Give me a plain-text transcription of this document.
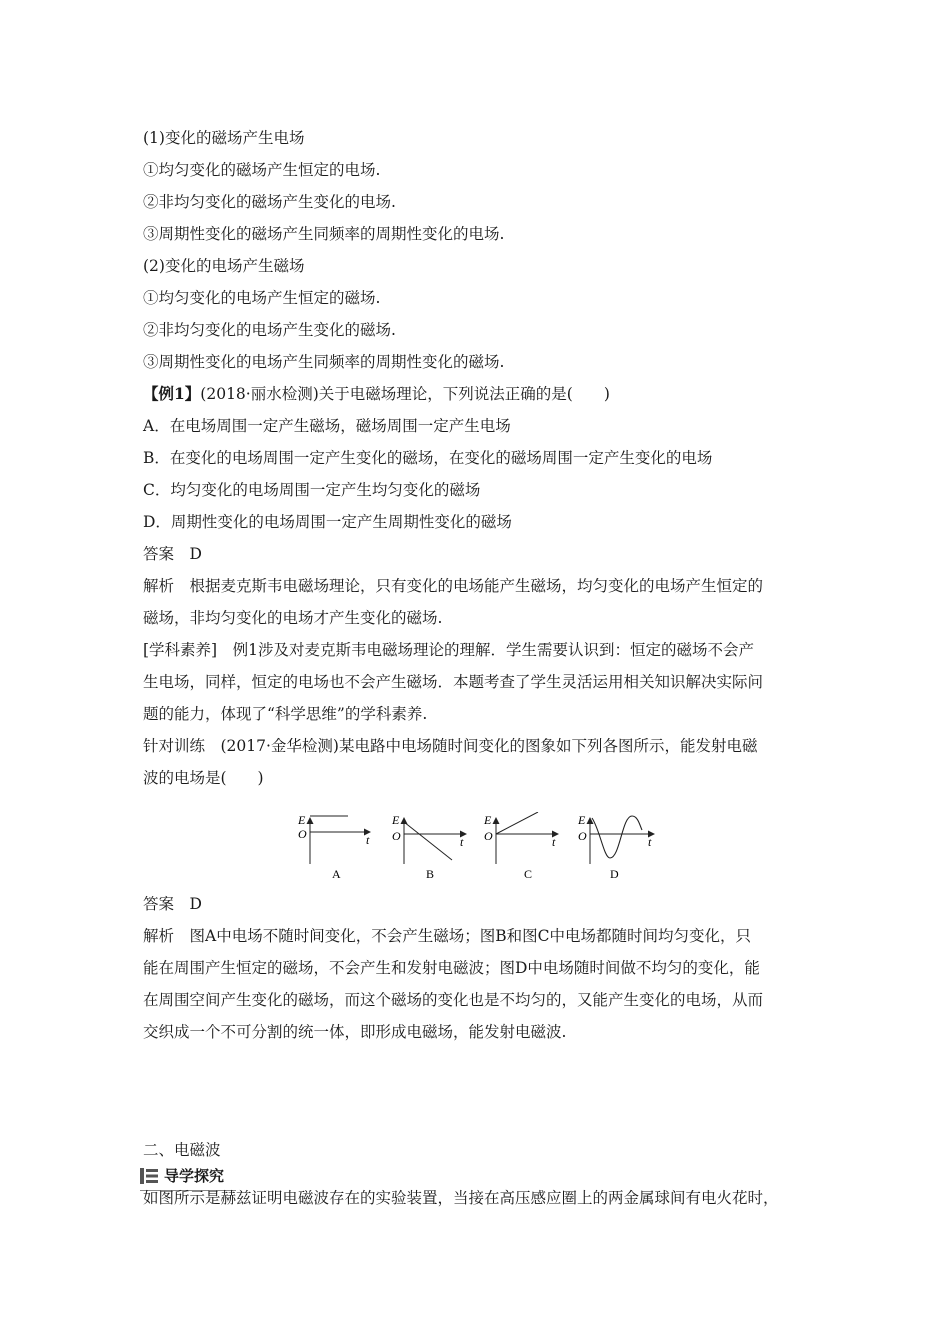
(1)变化的磁场产生电场
①均匀变化的磁场产生恒定的电场.
②非均匀变化的磁场产生变化的电场.
③周期性变化的磁场产生同频率的周期性变化的电场.
(2)变化的电场产生磁场
①均匀变化的电场产生恒定的磁场.
②非均匀变化的电场产生变化的磁场.
③周期性变化的电场产生同频率的周期性变化的磁场.
【例1】(2018·丽水检测)关于电磁场理论，下列说法正确的是(　　)
A．在电场周围一定产生磁场，磁场周围一定产生电场
B．在变化的电场周围一定产生变化的磁场，在变化的磁场周围一定产生变化的电场
C．均匀变化的电场周围一定产生均匀变化的磁场
D．周期性变化的电场周围一定产生周期性变化的磁场
答案　D
解析　根据麦克斯韦电磁场理论，只有变化的电场能产生磁场，均匀变化的电场产生恒定的
磁场，非均匀变化的电场才产生变化的磁场.
[学科素养]　例1涉及对麦克斯韦电磁场理论的理解．学生需要认识到：恒定的磁场不会产
生电场，同样，恒定的电场也不会产生磁场．本题考查了学生灵活运用相关知识解决实际问
题的能力，体现了“科学思维”的学科素养.
针对训练　(2017·金华检测)某电路中电场随时间变化的图象如下列各图所示，能发射电磁
波的电场是(　　)
E
O	t
A
E
O	t
B
E
O	t
C
E
O	t
D
答案　D
解析　图A中电场不随时间变化，不会产生磁场；图B和图C中电场都随时间均匀变化，只
能在周围产生恒定的磁场，不会产生和发射电磁波；图D中电场随时间做不均匀的变化，能
在周围空间产生变化的磁场，而这个磁场的变化也是不均匀的，又能产生变化的电场，从而
交织成一个不可分割的统一体，即形成电磁场，能发射电磁波.
二、电磁波
导学探究
如图所示是赫兹证明电磁波存在的实验装置，当接在高压感应圈上的两金属球间有电火花时，
